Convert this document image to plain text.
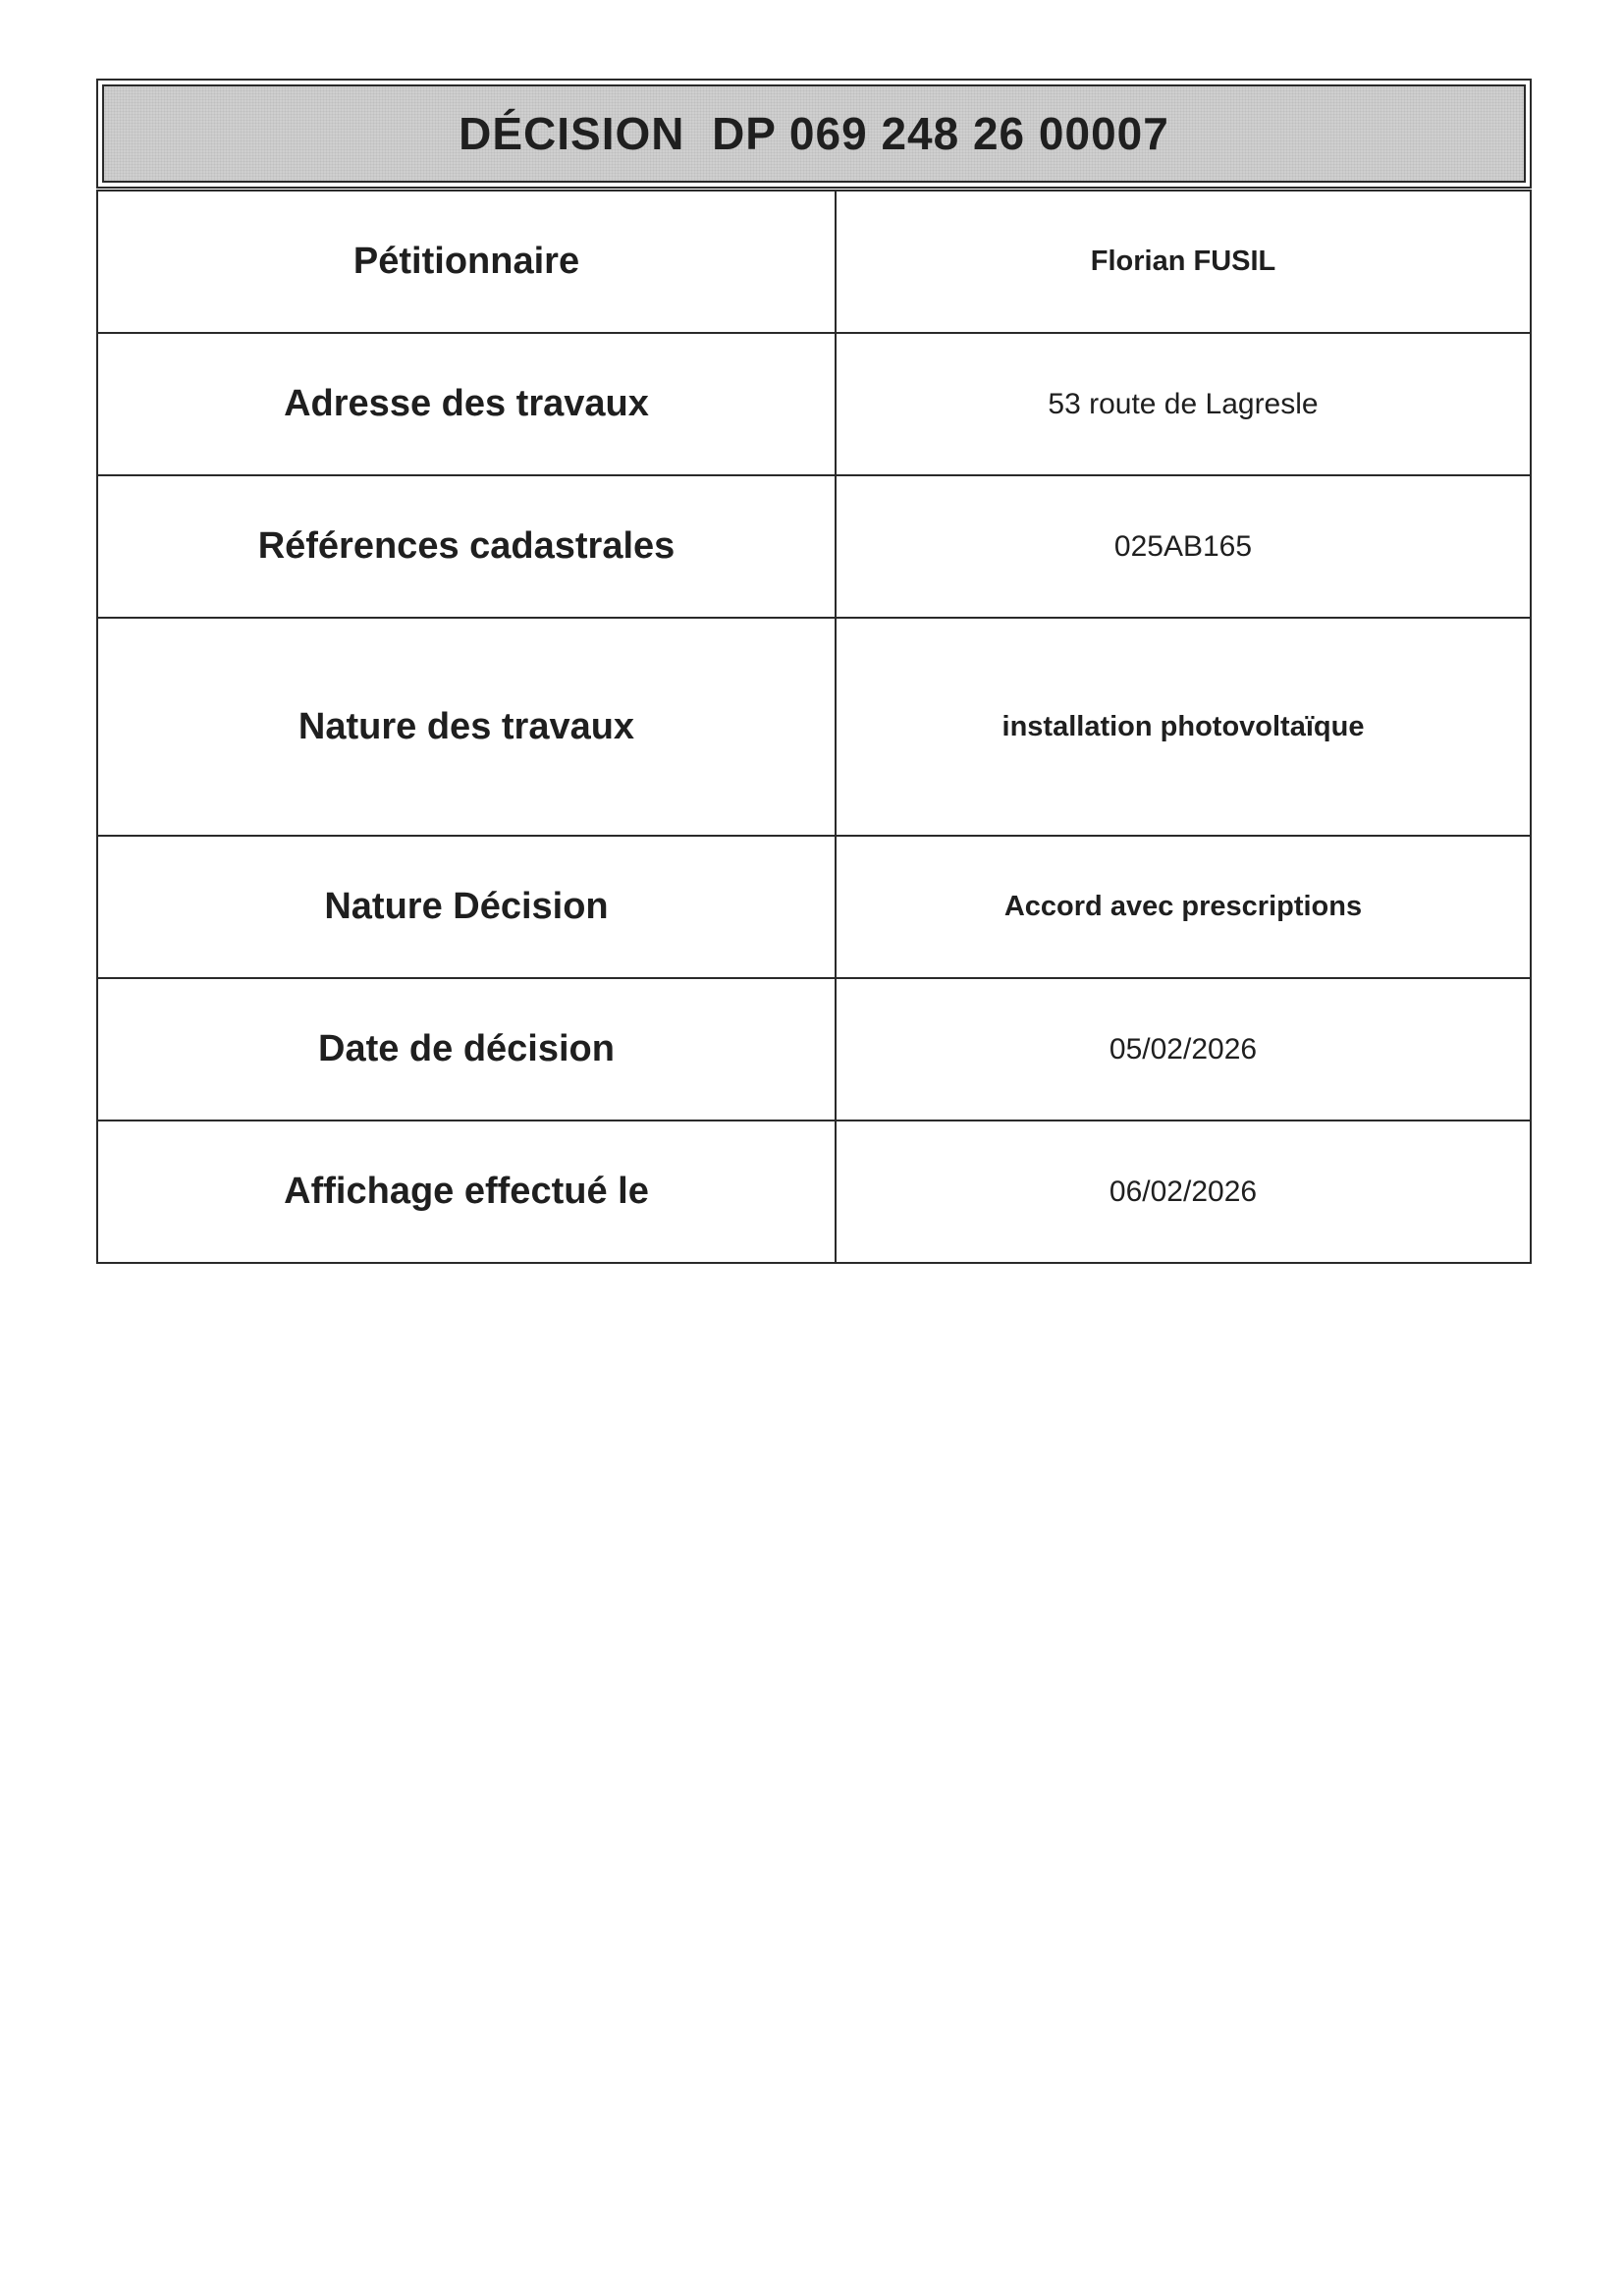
DÉCISION  DP 069 248 26 00007
Pétitionnaire	Florian FUSIL
Adresse des travaux	53 route de Lagresle
Références cadastrales	025AB165
Nature des travaux	installation photovoltaïque
Nature Décision	Accord avec prescriptions
Date de décision	05/02/2026
Affichage effectué le	06/02/2026
